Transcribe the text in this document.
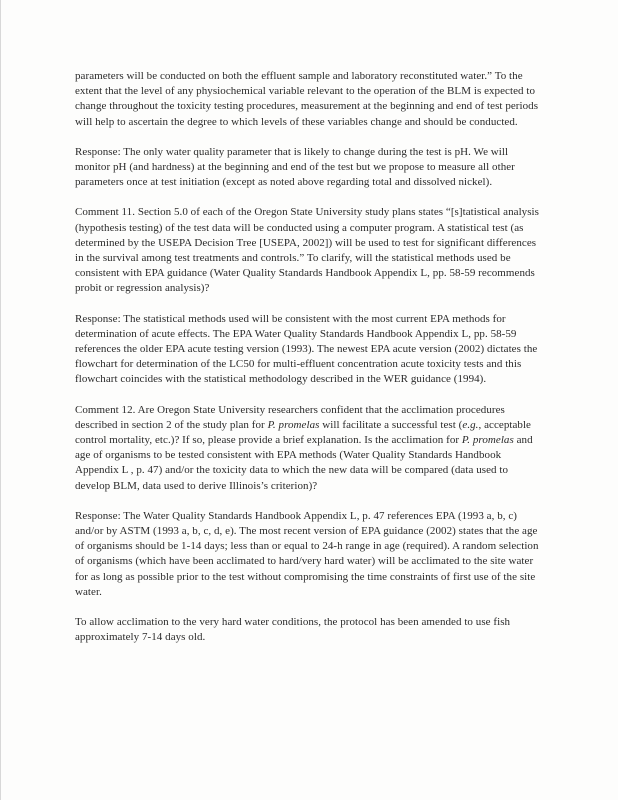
parameters will be conducted on both the effluent sample and laboratory reconstituted water.” To the extent that the level of any physiochemical variable relevant to the operation of the BLM is expected to change throughout the toxicity testing procedures, measurement at the beginning and end of test periods will help to ascertain the degree to which levels of these variables change and should be conducted.

Response: The only water quality parameter that is likely to change during the test is pH. We will monitor pH (and hardness) at the beginning and end of the test but we propose to measure all other parameters once at test initiation (except as noted above regarding total and dissolved nickel).

Comment 11. Section 5.0 of each of the Oregon State University study plans states “[s]tatistical analysis (hypothesis testing) of the test data will be conducted using a computer program. A statistical test (as determined by the USEPA Decision Tree [USEPA, 2002]) will be used to test for significant differences in the survival among test treatments and controls.” To clarify, will the statistical methods used be consistent with EPA guidance (Water Quality Standards Handbook Appendix L, pp. 58-59 recommends probit or regression analysis)?

Response: The statistical methods used will be consistent with the most current EPA methods for determination of acute effects. The EPA Water Quality Standards Handbook Appendix L, pp. 58-59 references the older EPA acute testing version (1993). The newest EPA acute version (2002) dictates the flowchart for determination of the LC50 for multi-effluent concentration acute toxicity tests and this flowchart coincides with the statistical methodology described in the WER guidance (1994).

Comment 12. Are Oregon State University researchers confident that the acclimation procedures described in section 2 of the study plan for P. promelas will facilitate a successful test (e.g., acceptable control mortality, etc.)? If so, please provide a brief explanation. Is the acclimation for P. promelas and age of organisms to be tested consistent with EPA methods (Water Quality Standards Handbook Appendix L , p. 47) and/or the toxicity data to which the new data will be compared (data used to develop BLM, data used to derive Illinois’s criterion)?

Response: The Water Quality Standards Handbook Appendix L, p. 47 references EPA (1993 a, b, c) and/or by ASTM (1993 a, b, c, d, e). The most recent version of EPA guidance (2002) states that the age of organisms should be 1-14 days; less than or equal to 24-h range in age (required). A random selection of organisms (which have been acclimated to hard/very hard water) will be acclimated to the site water for as long as possible prior to the test without compromising the time constraints of first use of the site water.

To allow acclimation to the very hard water conditions, the protocol has been amended to use fish approximately 7-14 days old.
